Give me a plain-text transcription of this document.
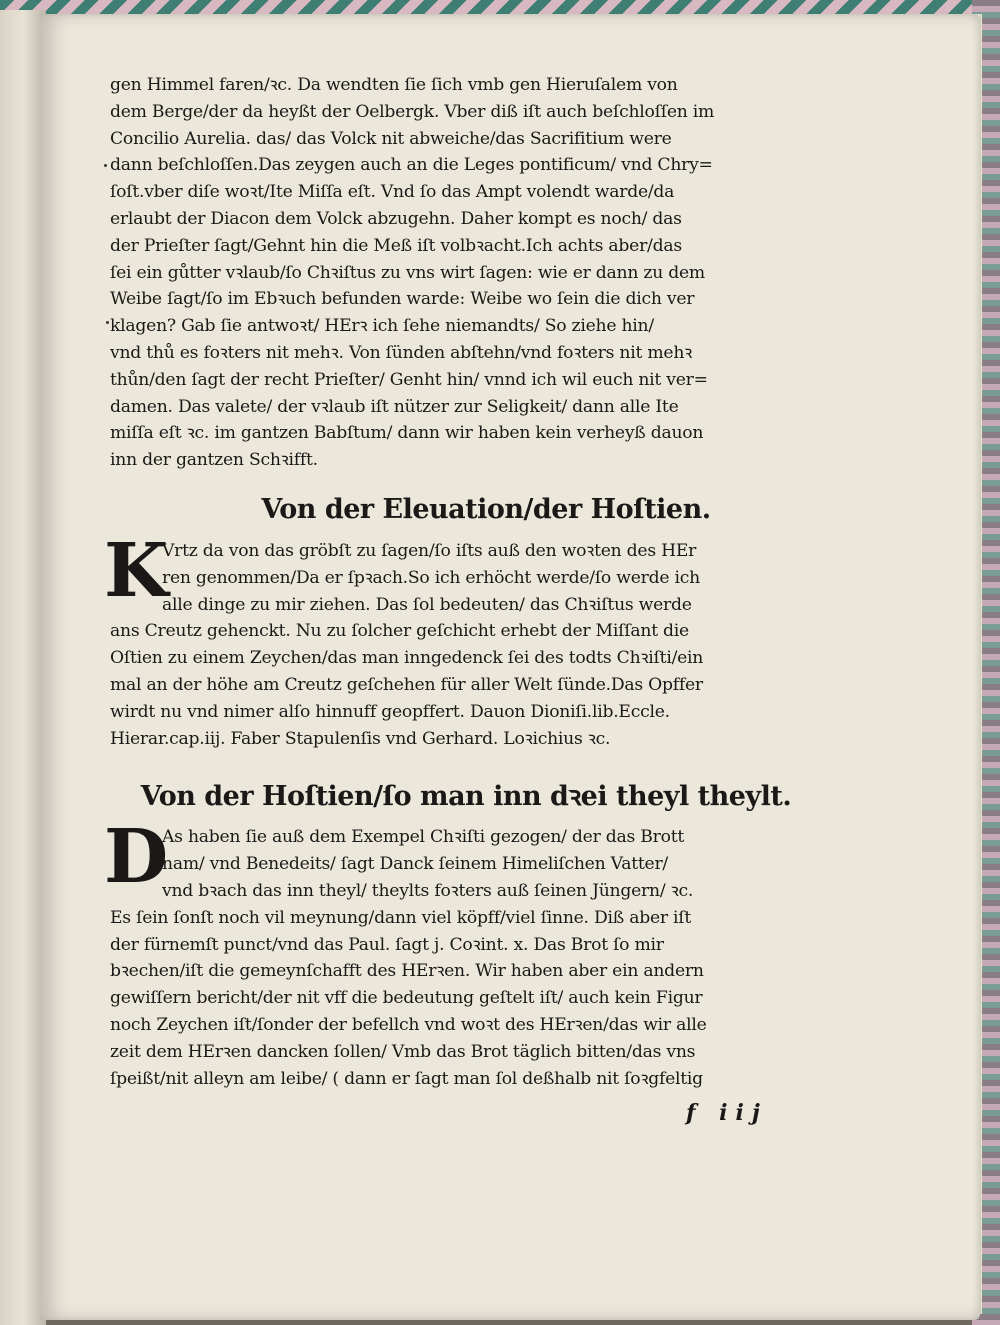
gen Himmel faren/ꝛc. Da wendten ſie ſich vmb gen Hieruſalem von
dem Berge/der da heyßt der Oelbergk. Vber diß iſt auch beſchloſſen im
Concilio Aurelia. das/ das Volck nit abweiche/das Sacrifitium were
dann beſchloſſen.Das zeygen auch an die Leges pontificum/ vnd Chry=
ſoſt.vber diſe woꝛt/Ite Miſſa eſt. Vnd ſo das Ampt volendt warde/da
erlaubt der Diacon dem Volck abzugehn. Daher kompt es noch/ das
der Prieſter ſagt/Gehnt hin die Meß iſt volbꝛacht.Ich achts aber/das
ſei ein gůtter vꝛlaub/ſo Chꝛiſtus zu vns wirt ſagen: wie er dann zu dem
Weibe ſagt/ſo im Ebꝛuch befunden warde: Weibe wo ſein die dich ver
klagen? Gab ſie antwoꝛt/ HErꝛ ich ſehe niemandts/ So ziehe hin/
vnd thů es foꝛters nit mehꝛ. Von ſünden abſtehn/vnd foꝛters nit mehꝛ
thůn/den ſagt der recht Prieſter/ Genht hin/ vnnd ich wil euch nit ver=
damen. Das valete/ der vꝛlaub iſt nützer zur Seligkeit/ dann alle Ite
miſſa eſt ꝛc. im gantzen Babſtum/ dann wir haben kein verheyß dauon
inn der gantzen Schꝛifft.
Von der Eleuation/der Hoſtien.
K
Vrtz da von das gröbſt zu ſagen/ſo iſts auß den woꝛten des HEr
ren genommen/Da er ſpꝛach.So ich erhöcht werde/ſo werde ich
alle dinge zu mir ziehen. Das ſol bedeuten/ das Chꝛiſtus werde
ans Creutz gehenckt. Nu zu ſolcher geſchicht erhebt der Miſſant die
Oſtien zu einem Zeychen/das man inngedenck ſei des todts Chꝛiſti/ein
mal an der höhe am Creutz geſchehen für aller Welt ſünde.Das Opffer
wirdt nu vnd nimer alſo hinnuff geopffert. Dauon Dioniſi.lib.Eccle.
Hierar.cap.iij. Faber Stapulenſis vnd Gerhard. Loꝛichius ꝛc.
Von der Hoſtien/ſo man inn dꝛei theyl theylt.
D
As haben ſie auß dem Exempel Chꝛiſti gezogen/ der das Brott
nam/ vnd Benedeits/ ſagt Danck ſeinem Himeliſchen Vatter/
vnd bꝛach das inn theyl/ theylts foꝛters auß ſeinen Jüngern/ ꝛc.
Es ſein ſonſt noch vil meynung/dann viel köpff/viel ſinne. Diß aber iſt
der fürnemſt punct/vnd das Paul. ſagt j. Coꝛint. x. Das Brot ſo mir
bꝛechen/iſt die gemeynſchafft des HErꝛen. Wir haben aber ein andern
gewiſſern bericht/der nit vff die bedeutung geſtelt iſt/ auch kein Figur
noch Zeychen iſt/ſonder der befellch vnd woꝛt des HErꝛen/das wir alle
zeit dem HErꝛen dancken ſollen/ Vmb das Brot täglich bitten/das vns
ſpeißt/nit alleyn am leibe/ ( dann er ſagt man ſol deßhalb nit ſoꝛgfeltig
f iij
